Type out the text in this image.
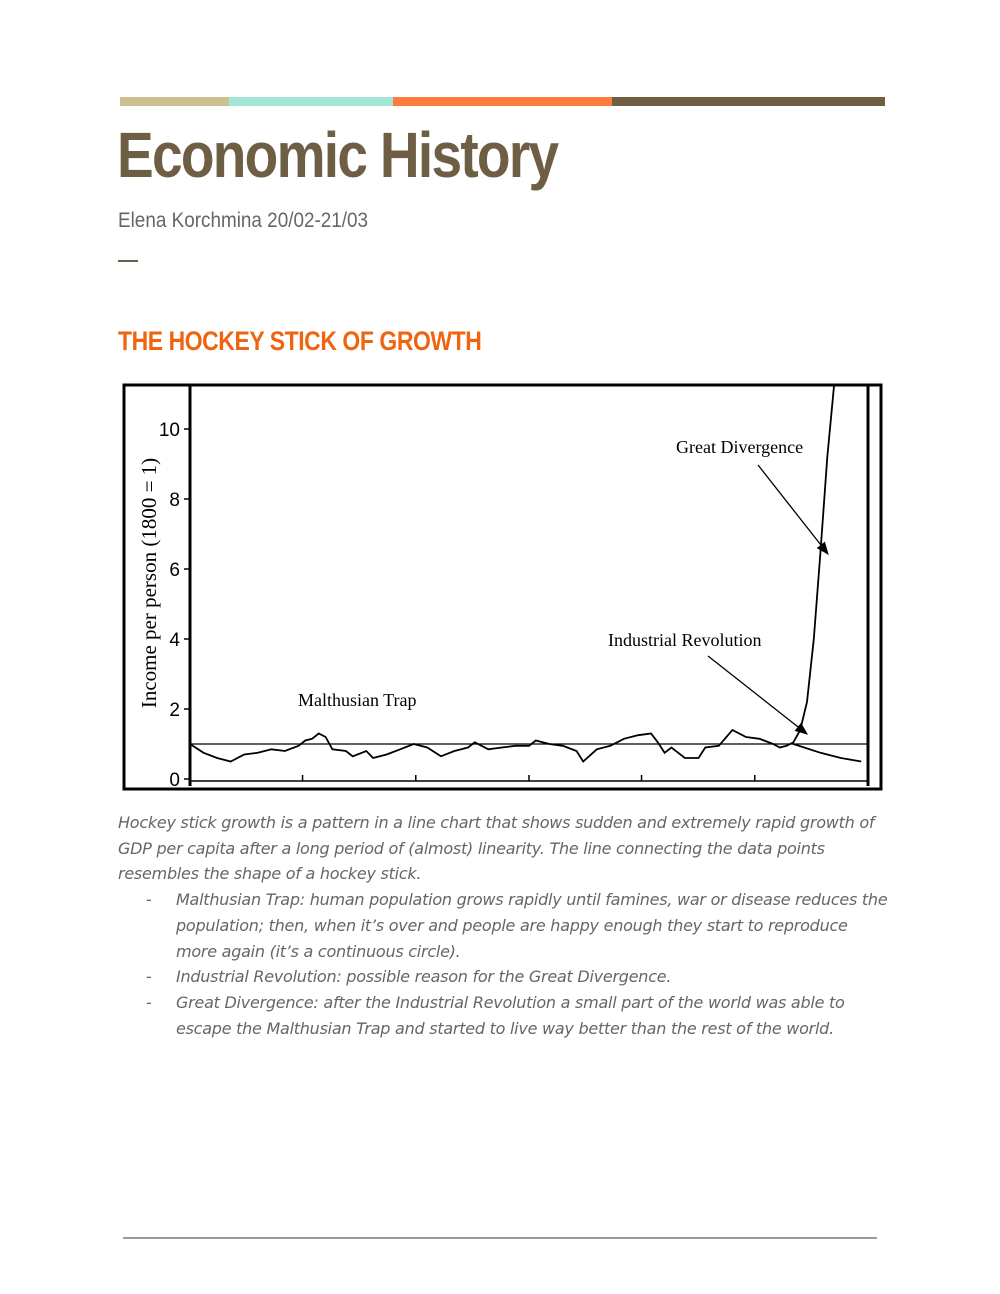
Economic History
Elena Korchmina 20/02-21/03
THE HOCKEY STICK OF GROWTH
Income per person (1800 = 1)
0
2
4
6
8
10
Malthusian Trap
Industrial Revolution
Great Divergence

Hockey stick growth is a pattern in a line chart that shows sudden and extremely rapid growth of GDP per capita after a long period of (almost) linearity. The line connecting the data points resembles the shape of a hockey stick.

- Malthusian Trap: human population grows rapidly until famines, war or disease reduces the population; then, when it’s over and people are happy enough they start to reproduce more again (it’s a continuous circle).
- Industrial Revolution: possible reason for the Great Divergence.
- Great Divergence: after the Industrial Revolution a small part of the world was able to escape the Malthusian Trap and started to live way better than the rest of the world.
